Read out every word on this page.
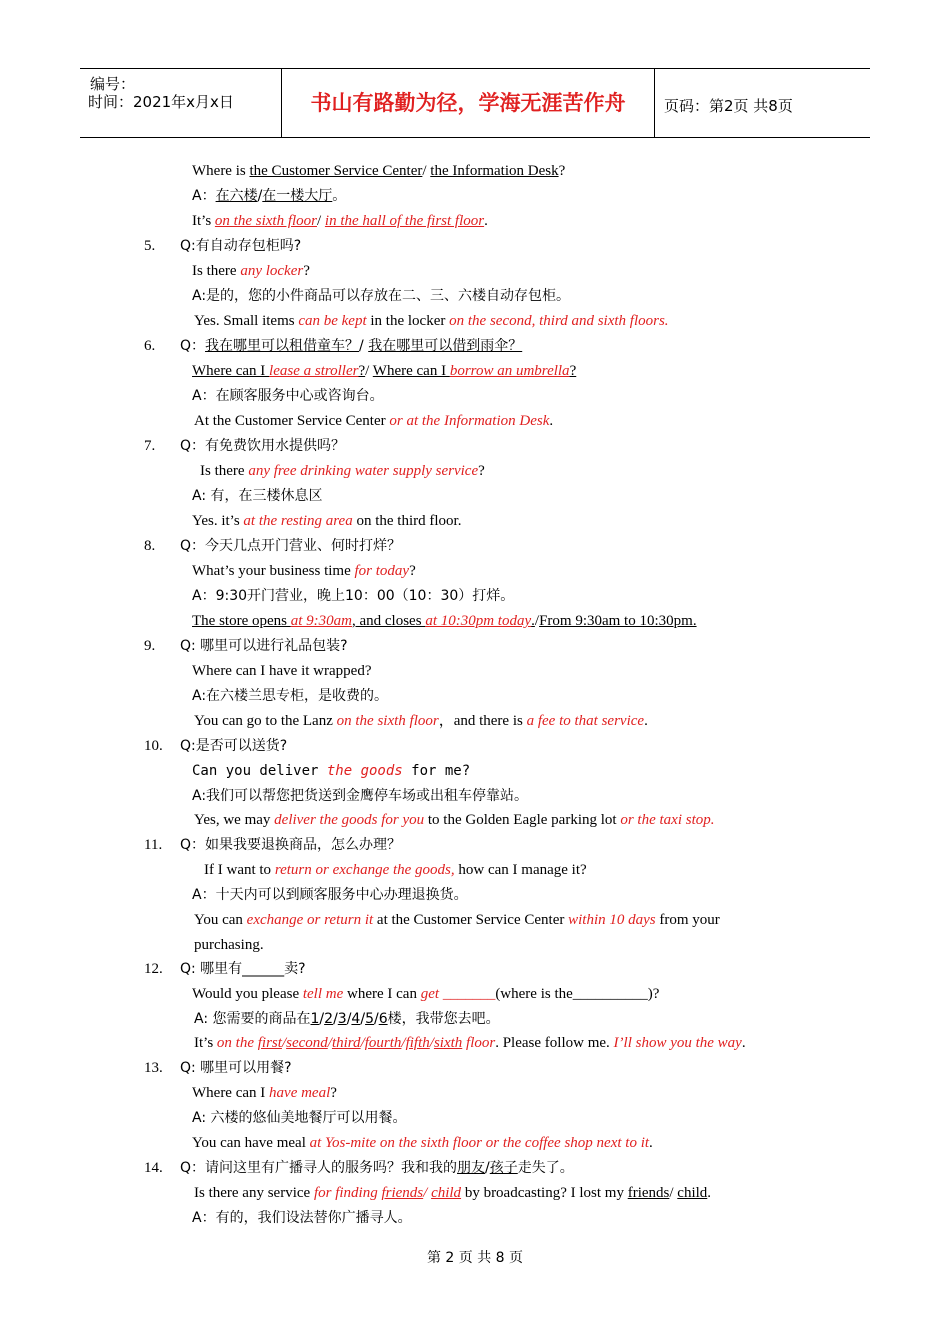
编号：
时间：2021年x月x日	书山有路勤为径，学海无涯苦作舟	页码：第2页 共8页
Where is the Customer Service Center/ the Information Desk?
A：在六楼/在一楼大厅。
It’s on the sixth floor/ in the hall of the first floor.
5. Q:有自动存包柜吗?
Is there any locker?
A:是的，您的小件商品可以存放在二、三、六楼自动存包柜。
Yes. Small items can be kept in the locker on the second, third and sixth floors.
6. Q：我在哪里可以租借童车？/ 我在哪里可以借到雨伞？
Where can I lease a stroller?/ Where can I borrow an umbrella?
A：在顾客服务中心或咨询台。
At the Customer Service Center or at the Information Desk.
7. Q：有免费饮用水提供吗？
Is there any free drinking water supply service?
A: 有，在三楼休息区
Yes. it’s at the resting area on the third floor.
8. Q：今天几点开门营业、何时打烊？
What’s your business time for today?
A：9:30开门营业，晚上10：00（10：30）打烊。
The store opens at 9:30am, and closes at 10:30pm today./From 9:30am to 10:30pm.
9. Q: 哪里可以进行礼品包装?
Where can I have it wrapped?
A:在六楼兰思专柜，是收费的。
You can go to the Lanz on the sixth floor，and there is a fee to that service.
10. Q:是否可以送货?
Can you deliver the goods for me?
A:我们可以帮您把货送到金鹰停车场或出租车停靠站。
Yes, we may deliver the goods for you to the Golden Eagle parking lot or the taxi stop.
11. Q：如果我要退换商品，怎么办理？
If I want to return or exchange the goods, how can I manage it?
A：十天内可以到顾客服务中心办理退换货。
You can exchange or return it at the Customer Service Center within 10 days from your
purchasing.
12. Q: 哪里有______卖?
Would you please tell me where I can get _______(where is the__________)?
A: 您需要的商品在1/2/3/4/5/6楼，我带您去吧。
It’s on the first/second/third/fourth/fifth/sixth floor. Please follow me. I’ll show you the way.
13. Q: 哪里可以用餐?
Where can I have meal?
A: 六楼的悠仙美地餐厅可以用餐。
You can have meal at Yos-mite on the sixth floor or the coffee shop next to it.
14. Q：请问这里有广播寻人的服务吗？我和我的朋友/孩子走失了。
Is there any service for finding friends/ child by broadcasting? I lost my friends/ child.
A：有的，我们设法替你广播寻人。
第 2 页 共 8 页
